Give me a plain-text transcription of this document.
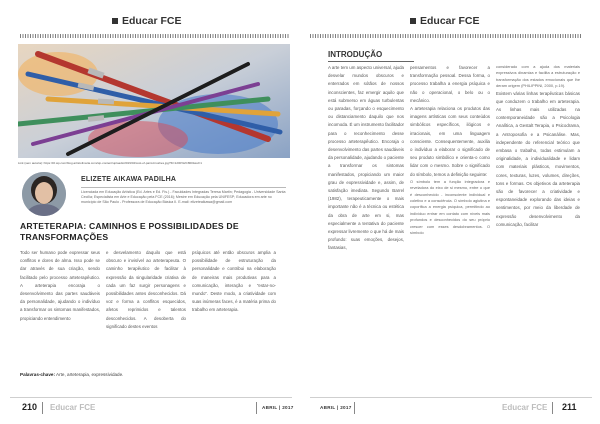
Educar FCE
Link (sem autoria): https://i0.wp.com/blog.artistofmaria.com/wp-content/uploads/2019/04/cost-of-paint-brushes.jpg?fit=1200%2C800&ssl=1
ELIZETE AIKAWA PADILHA
Licenciada em Educação Artística (Ed. Artes e Ed. Fís.) - Faculdades Integradas Teresa Martin; Pedagogia - Universidade Santa Cecília; Especialista em Arte e Educação pela FCE (2016); Mestre em Educação pela UNIFESP; Educadora em arte no município de São Paulo - Professora de Educação Básica II. E-mail: elizeteaikawa@gmail.com
ARTETERAPIA: CAMINHOS E POSSIBILIDADES DE TRANSFORMAÇÕES
Todo ser humano pode expressar seus conflitos e dores de alma. Isso pode se dar através de sua criação, sendo facilitado pelo processo arteterapêutico. A arteterapia encoraja o desenvolvimento das partes saudáveis da personalidade, ajudando o indivíduo a transformar os sintomas manifestados, propiciando entendimento
e desvelamento daquilo que está obscuro e invisível ao arteterapeuta. O caminho terapêutico de facilitar à expressão da singularidade criativa de cada um faz surgir personagens e possibilidades antes desconhecidos. Dá voz e forma a conflitos esquecidos, afetos reprimidos e talentos desconhecidos. A desoberta do significado destes eventos
psíquicos até então obscuros amplia a possibilidade de estruturação da personalidade e contribui na elaboração de maneiras mais produtivas para a comunicação, interação e "estar-no-mundo". Deste modo, a criatividade com suas inúmeras faces, é a matéria prima do trabalho em arteterapia.
Palavras-chave: Arte, arteterapia, expressividade.
210 Educar FCE	ABRIL | 2017
Educar FCE
INTRODUÇÃO
A arte tem um aspecto universal, ajuda desvelar mundos obscuros e enterrados em sótãos de nossos inconscientes, faz emergir aquilo que está submerso em águas turbulentas ou paradas, forçando o esquecimento ou distanciamento daquilo que nos incomoda. É um instrumento facilitador para o reconhecimento desse processo arteterapêutico. Encoraja o desenvolvimento das partes saudáveis da personalidade, ajudando o paciente a transformar os sintomas manifestados, propiciando um maior grau de expressividade e, assim, de satisfação imediata. Segundo Barrel (1982), terapeuticamente o mais importante não é a técnica ou estética da obra de arte em si, mas especialmente a tentativa do paciente expressar livremente o que há de mais profundo: suas emoções, desejos, fantasias,
pensamentos e favorecer a transformação pessoal. Dessa forma, o processo trabalha a energia psíquica e não o operacional, o belo ou o mecânico.
A arteterapia relaciona os produtos das imagens artísticas com seus conteúdos simbólicos específicos, ilógicos e irracionais, em uma linguagem consciente. Consequentemente, auxilia o indivíduo a elaborar o significado de seu produto simbólico e orienta-o como lidar com o mesmo. Sobre o significado do símbolo, temos a definição seguinte:
O símbolo tem a função integradora e reveladora do eixo de si mesmo, entre o que é desconhecido - inconsciente individual e coletivo e a consciência. O símbolo aglutina e coporifica a energia psíquica, permitindo ao indivíduo entrar em contato com níveis mais profundos e desconhecidos do seu próprio crescer com esses desdobramentos. O símbolo
considerado com a ajuda dos materiais expressivos dinamiza e facilita a estruturação e transformação dos estados emocionais que lhe deram origem (PHILIPPINI, 2000, p.19).
Existem várias linhas terapêuticas básicas que conduzem o trabalho em arteterapia. As linhas mais utilizadas na contemporaneidade são a Psicologia Analítica, a Gestalt Terapia, o Psicodrama, a Antroposofia e a Psicanálise. Mas, independente do referencial teórico que embasa o trabalho, todas estimulam a originalidade, a individualidade e lidam com materiais plásticos, movimentos, cores, texturas, luzes, volumes, direções, tons e formas. Os objetivos da arteterapia são de favorecer a criatividade e espontaneidade explorando das ideias e sentimentos, por meio da liberdade de expressão desenvolvimento da comunicação, facilitar
ABRIL | 2017	Educar FCE 211
